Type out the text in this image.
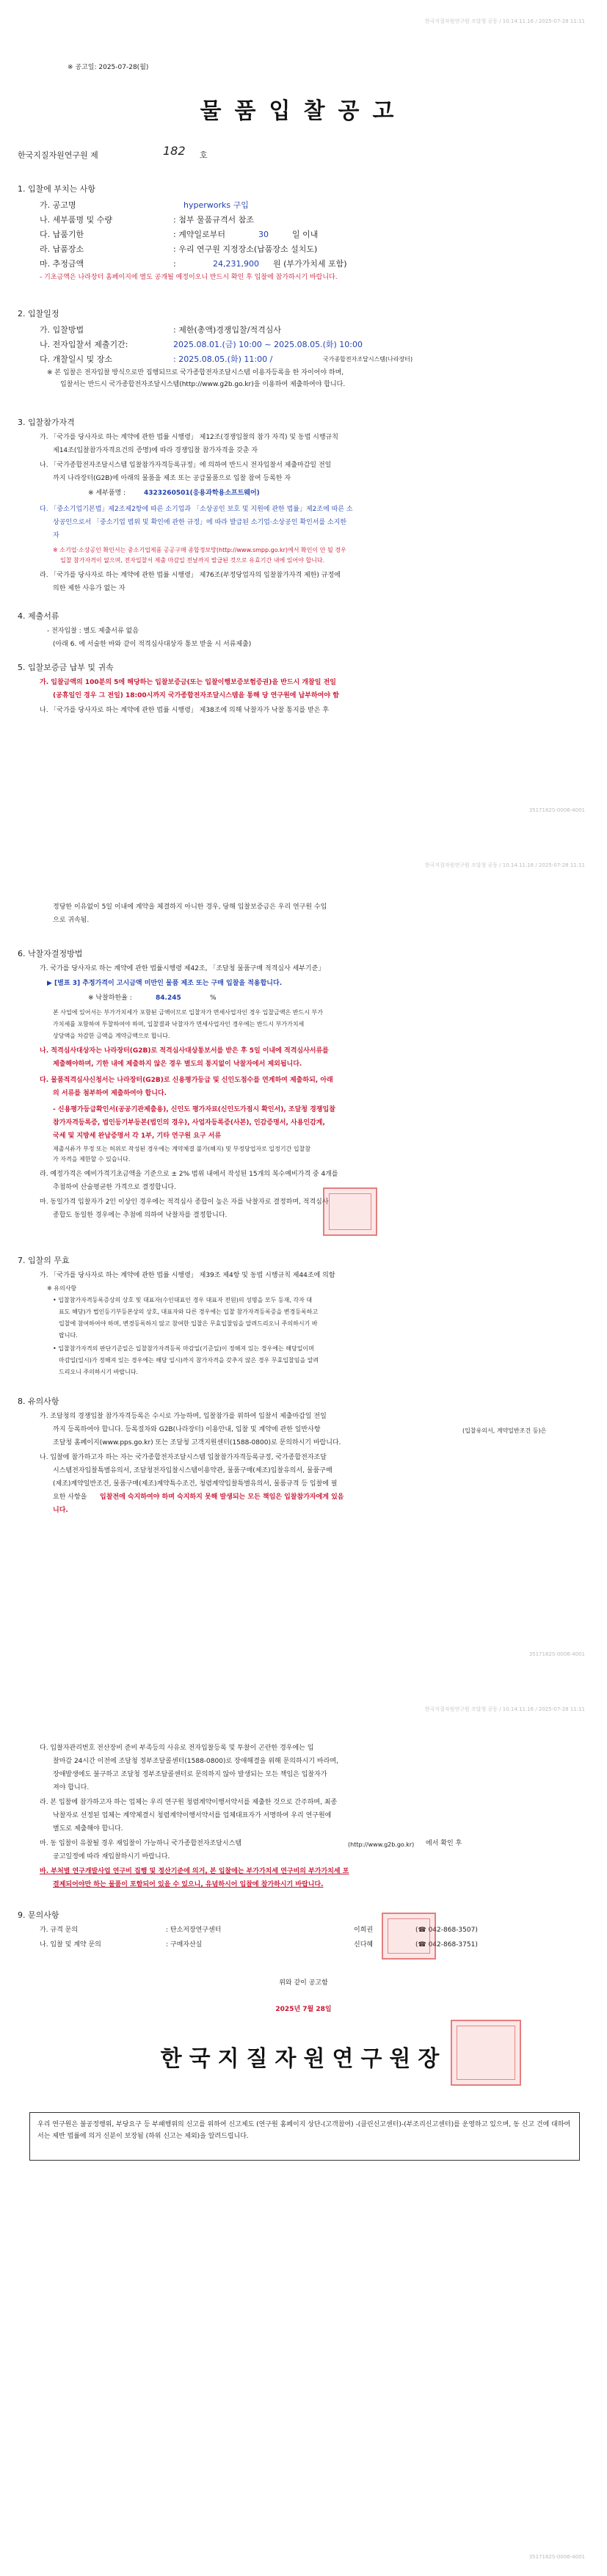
한국지질자원연구원 조달청 공동 / 10.14.11.16 / 2025-07-28 11:11
※ 공고일: 2025-07-28(월)
물품입찰공고
한국지질자원연구원 제	182 호
1. 입찰에 부치는 사항
가. 공고명	hyperworks 구입
나. 세부품명 및 수량	: 첨부 물품규격서 참조
다. 납품기한	: 계약일로부터	30	일 이내
라. 납품장소	: 우리 연구원 지정장소(납품장소 설치도)
마. 추정금액	:	24,231,900 원 (부가가치세 포함)
- 기초금액은 나라장터 홈페이지에 별도 공개될 예정이오니 반드시 확인 후 입찰에 참가하시기 바랍니다.
2. 입찰일정
가. 입찰방법	: 제한(총액)경쟁입찰/적격심사
나. 전자입찰서 제출기간:	2025.08.01.(금) 10:00 ~ 2025.08.05.(화) 10:00
다. 개찰일시 및 장소	: 2025.08.05.(화) 11:00 /	국가종합전자조달시스템(나라장터)
※ 본 입찰은 전자입찰 방식으로만 집행되므로 국가종합전자조달시스템 이용자등록을 한 자이어야 하며,
입찰서는 반드시 국가종합전자조달시스템(http://www.g2b.go.kr)을 이용하여 제출하여야 합니다.
3. 입찰참가자격
가. 「국가를 당사자로 하는 계약에 관한 법률 시행령」 제12조(경쟁입찰의 참가 자격) 및 동법 시행규칙
제14조(입찰참가자격요건의 증명)에 따라 경쟁입찰 참가자격을 갖춘 자
나. 「국가종합전자조달시스템 입찰참가자격등록규정」에 의하여 반드시 전자입찰서 제출마감일 전일
까지 나라장터(G2B)에 아래의 물품을 제조 또는 공급물품으로 입찰 참여 등록한 자
※ 세부품명 :	4323260501(응용과학용소프트웨어)
다. 「중소기업기본법」제2조제2항에 따른 소기업과 「소상공인 보호 및 지원에 관한 법률」제2조에 따른 소
상공인으로서 「중소기업 범위 및 확인에 관한 규정」에 따라 발급된 소기업·소상공인 확인서를 소지한
자
※ 소기업·소상공인 확인서는 중소기업제품 공공구매 종합정보망(http://www.smpp.go.kr)에서 확인이 안 될 경우
입찰 참가자격이 없으며, 전자입찰서 제출 마감일 전날까지 발급된 것으로 유효기간 내에 있어야 합니다.
라. 「국가를 당사자로 하는 계약에 관한 법률 시행령」 제76조(부정당업자의 입찰참가자격 제한) 규정에
의한 제한 사유가 없는 자
4. 제출서류
- 전자입찰 : 별도 제출서류 없음
(아래 6. 에 서술한 바와 같이 적격심사대상자 통보 받을 시 서류제출)
5. 입찰보증금 납부 및 귀속
가. 입찰금액의 100분의 5에 해당하는 입찰보증금(또는 입찰이행보증보험증권)을 반드시 개찰일 전일
(공휴일인 경우 그 전일) 18:00시까지 국가종합전자조달시스템을 통해 당 연구원에 납부하여야 함
나. 「국가를 당사자로 하는 계약에 관한 법률 시행령」 제38조에 의해 낙찰자가 낙찰 통지를 받은 후
3517162S-0006-4001
한국지질자원연구원 조달청 공동 / 10.14.11.16 / 2025-07-28 11:11
정당한 이유없이 5일 이내에 계약을 체결하지 아니한 경우, 당해 입찰보증금은 우리 연구원 수입
으로 귀속됨.
6. 낙찰자결정방법
가. 국가를 당사자로 하는 계약에 관한 법률시행령 제42조, 「조달청 물품구매 적격심사 세부기준」
▶ [별표 3] 추정가격이 고시금액 미만인 물품 제조 또는 구매 입찰을 적용합니다.
※ 낙찰하한율 :	84.245	%
본 사업에 있어서는 부가가치세가 포함된 금액이므로 입찰자가 면세사업자인 경우 입찰금액은 반드시 부가
가치세를 포함하여 투찰하여야 하며, 입찰결과 낙찰자가 면세사업자인 경우에는 반드시 부가가치세
상당액을 차감한 금액을 계약금액으로 합니다.
나. 적격심사대상자는 나라장터(G2B)로 적격심사대상통보서를 받은 후 5일 이내에 적격심사서류를
제출해야하며, 기한 내에 제출하지 않은 경우 별도의 통지없이 낙찰자에서 제외됩니다.
다. 물품적격심사신청서는 나라장터(G2B)로 신용평가등급 및 신인도점수를 연계하여 제출하되, 아래
의 서류를 첨부하여 제출하여야 합니다.
- 신용평가등급확인서(공공기관제출용), 신인도 평가자료(신인도가점시 확인서), 조달청 경쟁입찰
참가자격등록증, 법인등기부등본(법인의 경우), 사업자등록증(사본), 인감증명서, 사용인감계,
국세 및 지방세 완납증명서 각 1부, 기타 연구원 요구 서류
제출서류가 부정 또는 허위로 작성된 경우에는 계약체결 불가(해지) 및 부정당업자로 일정기간 입찰참
가 자격을 제한할 수 있습니다.
라. 예정가격은 예비가격기초금액을 기준으로 ± 2% 범위 내에서 작성된 15개의 복수예비가격 중 4개를
추첨하여 산술평균한 가격으로 결정합니다.
마. 동일가격 입찰자가 2인 이상인 경우에는 적격심사 종합이 높은 자를 낙찰자로 결정하며, 적격심사
종합도 동일한 경우에는 추첨에 의하여 낙찰자를 결정합니다.
7. 입찰의 무효
가. 「국가를 당사자로 하는 계약에 관한 법률 시행령」 제39조 제4항 및 동법 시행규칙 제44조에 의함
※ 유의사항
• 입찰참가자격등록증상의 상호 및 대표자(수인대표인 경우 대표자 전원)의 성명을 모두 등재, 각자 대
표도 해당)가 법인등기부등본상의 상호, 대표자와 다른 경우에는 입찰 참가자격등록증을 변경등록하고
입찰에 참여하여야 하며, 변경등록하지 않고 참여한 입찰은 무효입찰임을 알려드리오니 주의하시기 바
랍니다.
• 입찰참가자격의 판단기준일은 입찰참가자격등록 마감일(기준일)이 정해져 있는 경우에는 해당일이며
마감일(일시)가 정해져 있는 경우에는 해당 일시)까지 참가자격을 갖추지 않은 경우 무효입찰임을 알려
드리오니 주의하시기 바랍니다.
8. 유의사항
가. 조달청의 경쟁입찰 참가자격등록은 수시로 가능하며, 입찰참가를 위하여 입찰서 제출마감일 전일
까지 등록하여야 합니다. 등록절차와 G2B(나라장터) 이용안내, 입찰 및 계약에 관한 일반사항	(입찰유의서, 계약일반조건 등)은
조달청 홈페이지(www.pps.go.kr) 또는 조달청 고객지원센터(1588-0800)로 문의하시기 바랍니다.
나. 입찰에 참가하고자 하는 자는 국가종합전자조달시스템 입찰참가자격등록규정, 국가종합전자조달
시스템전자입찰특별유의서, 조달청전자입찰시스템이용약관, 물품구매(제조)입찰유의서, 물품구매
(제조)계약일반조건, 물품구매(제조)계약특수조건, 청렴계약입찰특별유의서, 물품규격 등 입찰에 필
요한 사항을 입찰전에 숙지하여야 하며 숙지하지 못해 발생되는 모든 책임은 입찰참가자에게 있음
니다.
3517162S-0006-4001
한국지질자원연구원 조달청 공동 / 10.14.11.16 / 2025-07-28 11:11
다. 입찰자관리번호 전산장비 준비 부족등의 사유로 전자입찰등록 및 투찰이 곤란한 경우에는 입
찰마감 24시간 이전에 조달청 정부조달콜센터(1588-0800)로 장애해결을 위해 문의하시기 바라며,
장애발생에도 불구하고 조달청 정부조달콜센터로 문의하지 않아 발생되는 모든 책임은 입찰자가
져야 합니다.
라. 본 입찰에 참가하고자 하는 업체는 우리 연구원 청렴계약이행서약서를 제출한 것으로 간주하며, 최종
낙찰자로 선정된 업체는 계약체결시 청렴계약이행서약서를 업체대표자가 서명하여 우리 연구원에
별도로 제출해야 합니다.
마. 동 입찰이 유찰될 경우 재입찰이 가능하니 국가종합전자조달시스템	(http://www.g2b.go.kr) 에서 확인 후
공고일정에 따라 재입찰하시기 바랍니다.
바. 부처별 연구개발사업 연구비 집행 및 정산기준에 의거, 본 입찰에는 부가가치세 연구비의 부가가치세 포
결제되어야만 하는 물품이 포함되어 있을 수 있으니, 유념하시어 입찰에 참가하시기 바랍니다.
9. 문의사항
가. 규격 문의	: 탄소저장연구센터	이희권	(☎ 042-868-3507)
나. 입찰 및 계약 문의	: 구매자산실	신다혜	(☎ 042-868-3751)
위와 같이 공고함
2025년 7월 28일
한국지질자원연구원장
우리 연구원은 불공정행위, 부당요구 등 부패행위의 신고를 위하여 신고제도 (연구원 홈페이지 상단-(고객참여) -(클린신고센터)-(부조리신고센터)를 운영하고 있으며, 동 신고 건에 대하여서는 제반 법률에 의거 신분이 보장됨 (하위 신고는 제외)을 알려드립니다.
3517162S-0006-4001
